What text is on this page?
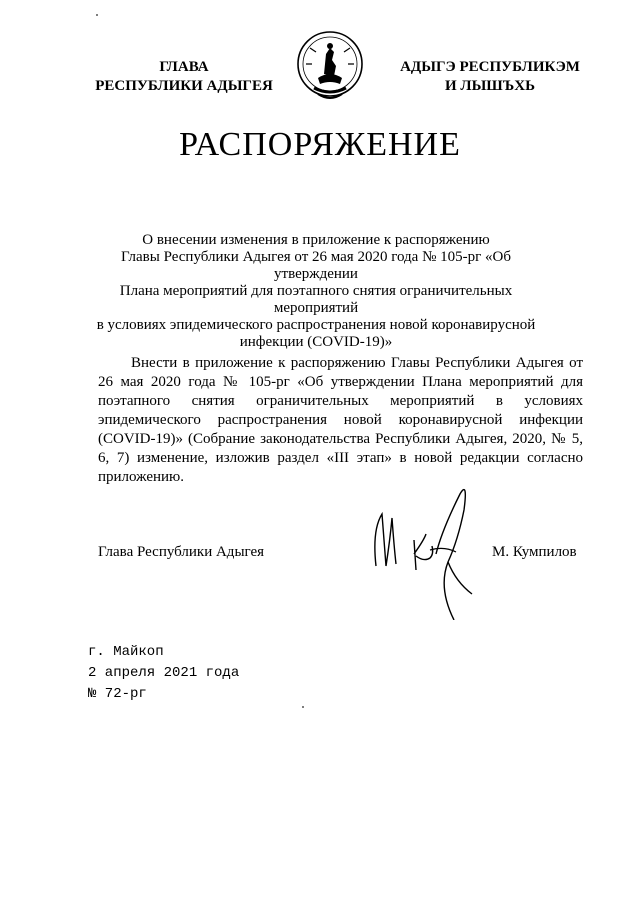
ГЛАВА
РЕСПУБЛИКИ АДЫГЕЯ
АДЫГЭ РЕСПУБЛИКЭМ
И ЛЫШЪХЬ
РАСПОРЯЖЕНИЕ
О внесении изменения в приложение к распоряжению
Главы Республики Адыгея от 26 мая 2020 года № 105-рг «Об утверждении
Плана мероприятий для поэтапного снятия ограничительных мероприятий
в условиях эпидемического распространения новой коронавирусной
инфекции (COVID-19)»
Внести в приложение к распоряжению Главы Республики Адыгея от 26 мая 2020 года № 105-рг «Об утверждении Плана мероприятий для поэтапного снятия ограничительных мероприятий в условиях эпидемического распространения новой коронавирусной инфекции (COVID-19)» (Собрание законодательства Республики Адыгея, 2020, № 5, 6, 7) изменение, изложив раздел «III этап» в новой редакции согласно приложению.
Глава Республики Адыгея	М. Кумпилов
г. Майкоп
2 апреля 2021 года
№ 72-рг
